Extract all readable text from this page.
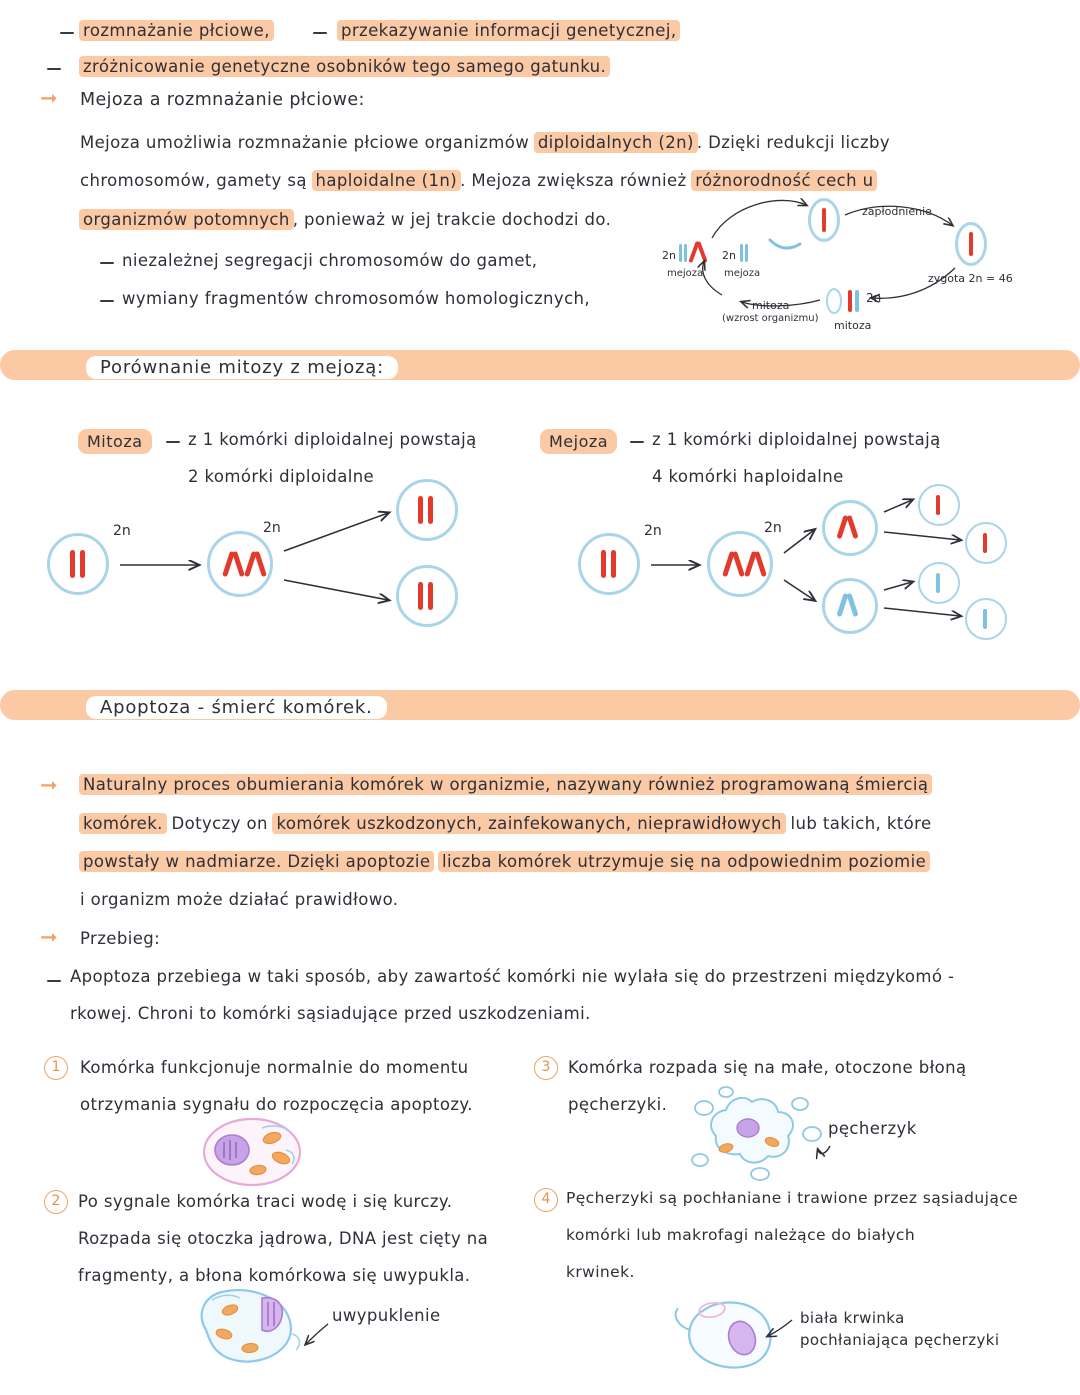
rozmnażanie płciowe,	przekazywanie informacji genetycznej,
zróżnicowanie genetyczne osobników tego samego gatunku.
➞ Mejoza a rozmnażanie płciowe:
Mejoza umożliwia rozmnażanie płciowe organizmów diploidalnych (2n) . Dzięki redukcji liczby
chromosomów, gamety są haploidalne (1n) . Mejoza zwiększa również różnorodność cech u
organizmów potomnych , ponieważ w jej trakcie dochodzi do.
niezależnej segregacji chromosomów do gamet,
wymiany fragmentów chromosomów homologicznych,
2n	2n
mejoza mejoza
zapłodnienie
zygota 2n = 46
mitoza
(wzrost organizmu)
2n
mitoza
Porównanie mitozy z mejozą:
Mitoza	z 1 komórki diploidalnej powstają
2 komórki diploidalne
2n	2n
Mejoza	z 1 komórki diploidalnej powstają
4 komórki haploidalne
2n	2n
Apoptoza - śmierć komórek.
➞ Naturalny proces obumierania komórek w organizmie, nazywany również programowaną śmiercią
komórek. Dotyczy on komórek uszkodzonych, zainfekowanych, nieprawidłowych lub takich, które
powstały w nadmiarze. Dzięki apoptozie liczba komórek utrzymuje się na odpowiednim poziomie
i organizm może działać prawidłowo.
➞ Przebieg:
Apoptoza przebiega w taki sposób, aby zawartość komórki nie wylała się do przestrzeni międzykomó -
rkowej. Chroni to komórki sąsiadujące przed uszkodzeniami.
1	Komórka funkcjonuje normalnie do momentu
otrzymania sygnału do rozpoczęcia apoptozy.
2	Po sygnale komórka traci wodę i się kurczy.
Rozpada się otoczka jądrowa, DNA jest cięty na
fragmenty, a błona komórkowa się uwypukla.
uwypuklenie
3	Komórka rozpada się na małe, otoczone błoną
pęcherzyki.
pęcherzyk
4	Pęcherzyki są pochłaniane i trawione przez sąsiadujące
komórki lub makrofagi należące do białych
krwinek.
biała krwinka
pochłaniająca pęcherzyki
